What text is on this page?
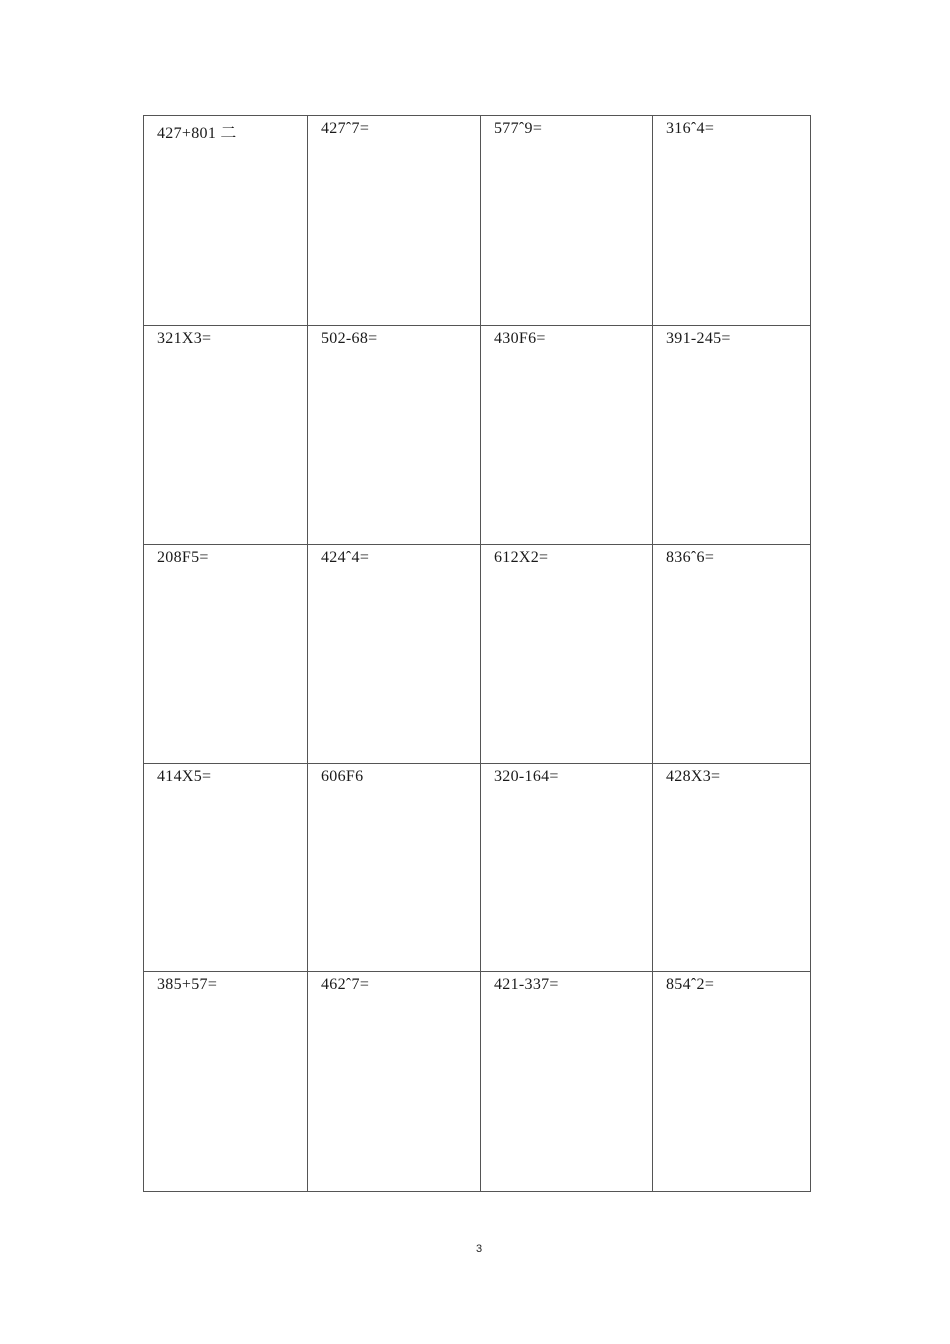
427+801 二	427ˆ7=	577ˆ9=	316ˆ4=
321X3=	502-68=	430F6=	391-245=
208F5=	424ˆ4=	612X2=	836ˆ6=
414X5=	606F6	320-164=	428X3=
385+57=	462ˆ7=	421-337=	854ˆ2=
3
